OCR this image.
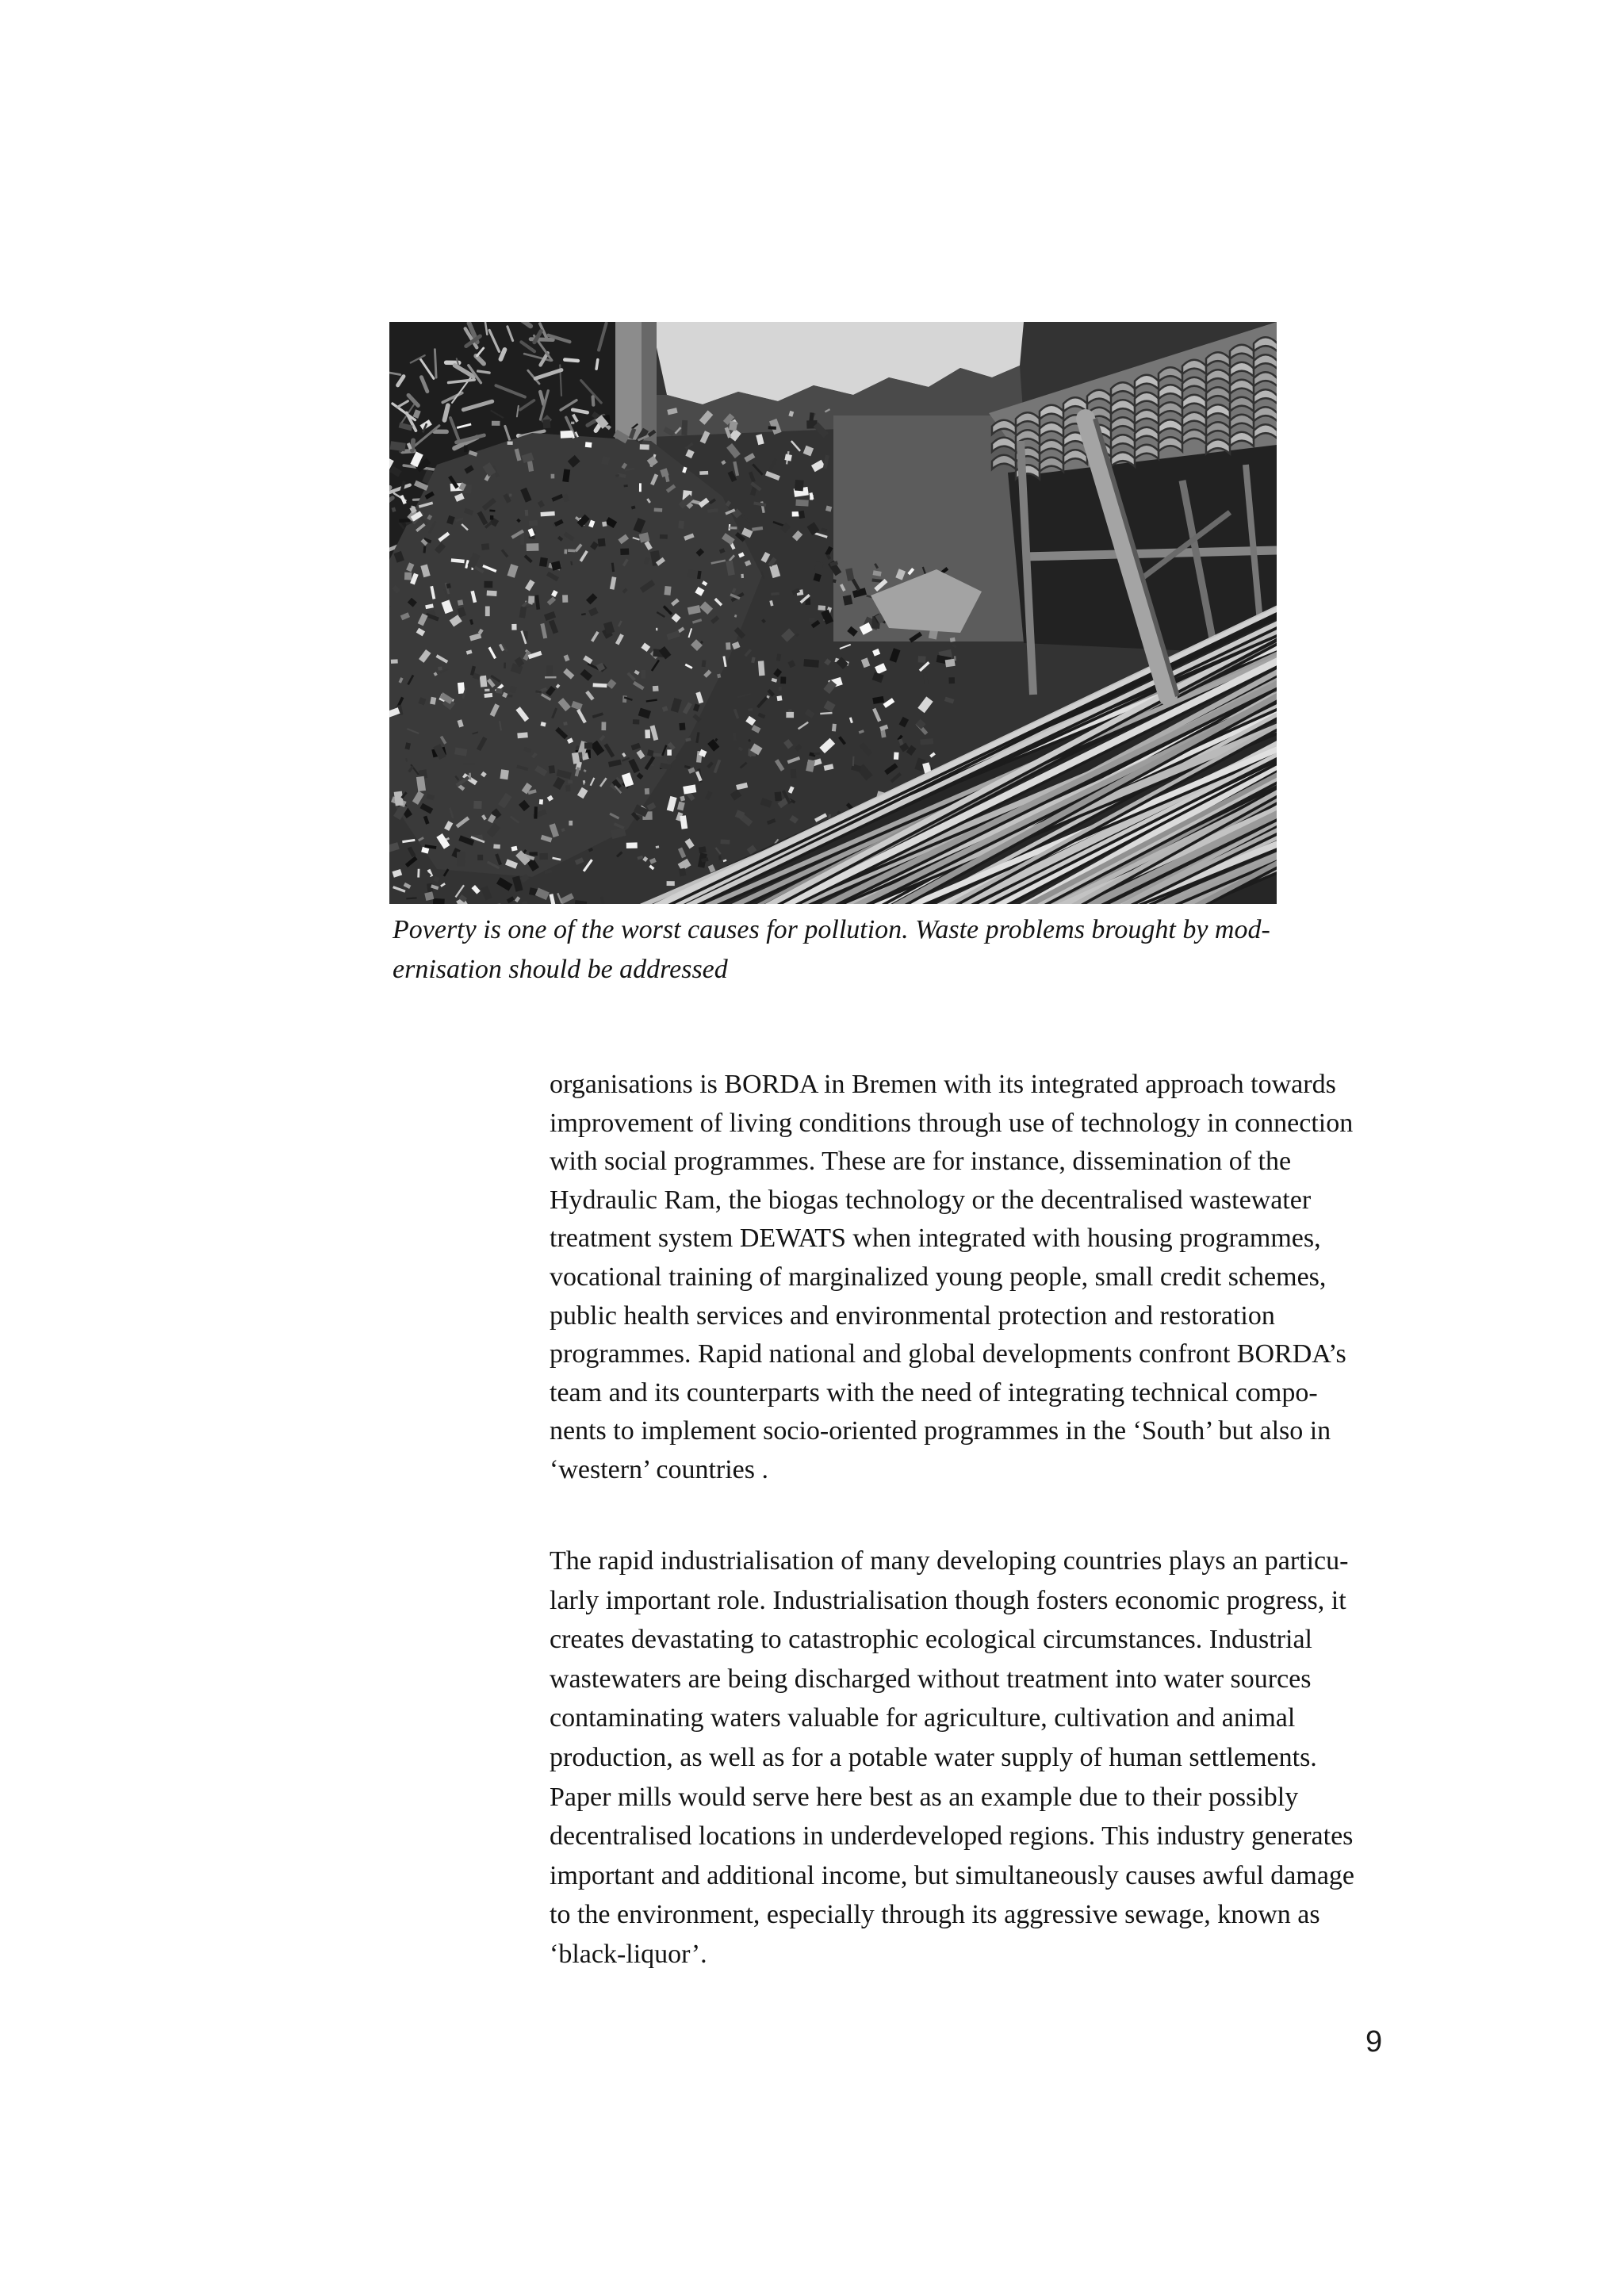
Poverty is one of the worst causes for pollution. Waste problems brought by mod-
ernisation should be addressed
organisations is BORDA in Bremen with its integrated approach towards
improvement of living conditions through use of technology in connection
with social programmes. These are for instance, dissemination of the
Hydraulic Ram, the biogas technology or the decentralised wastewater
treatment system DEWATS when integrated with housing programmes,
vocational training of marginalized young people, small credit schemes,
public health services and environmental protection and restoration
programmes. Rapid national and global developments confront BORDA’s
team and its counterparts with the need of integrating technical compo-
nents to implement socio-oriented programmes in the ‘South’ but also in
‘western’ countries .
The rapid industrialisation of many developing countries plays an particu-
larly important role. Industrialisation though fosters economic progress, it
creates devastating to catastrophic ecological circumstances. Industrial
wastewaters are being discharged without treatment into water sources
contaminating waters valuable for agriculture, cultivation and animal
production, as well as for a potable water supply of human settlements.
Paper mills would serve here best as an example due to their possibly
decentralised locations in underdeveloped regions. This industry generates
important and additional income, but simultaneously causes awful damage
to the environment, especially through its aggressive sewage, known as
‘black-liquor’.
9
